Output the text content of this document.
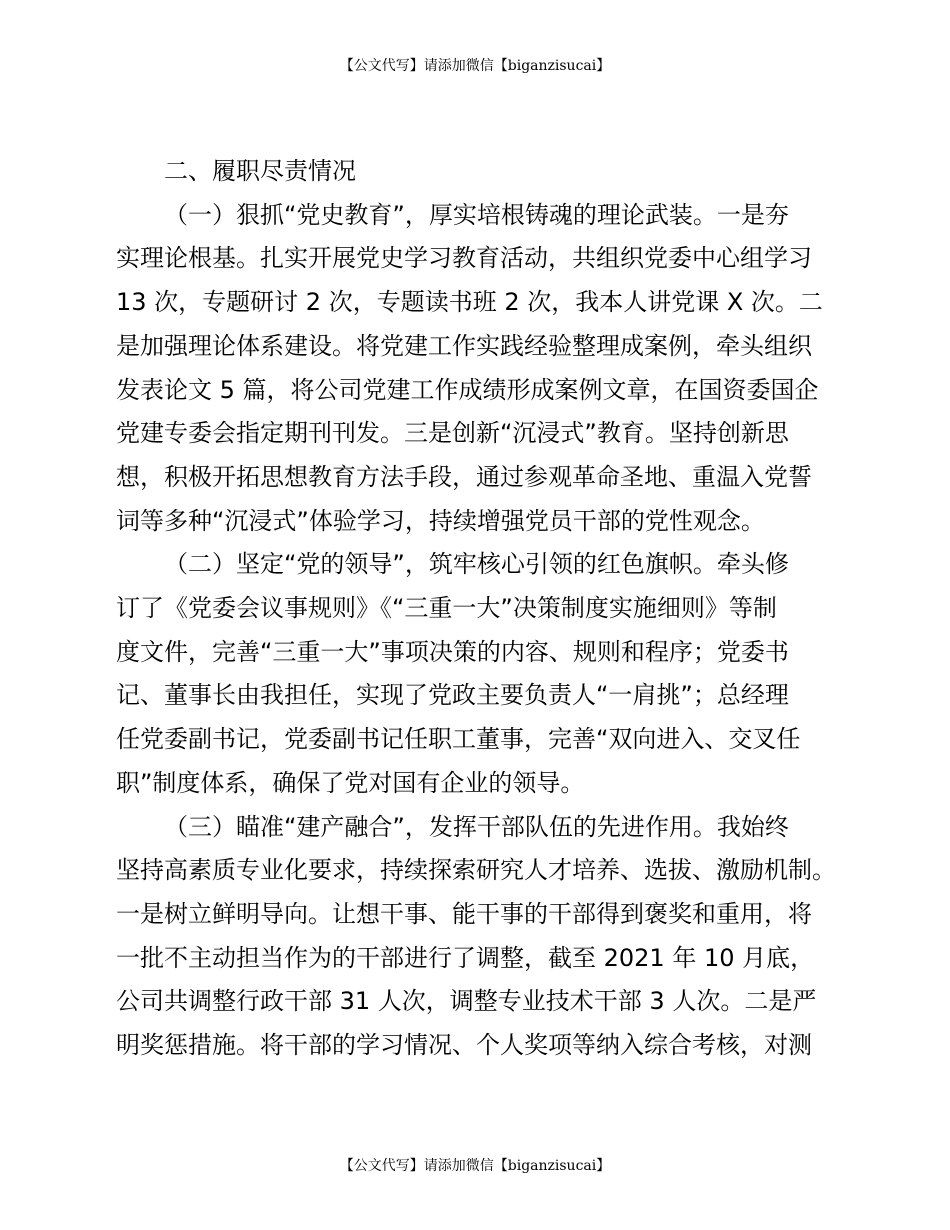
【公文代写】请添加微信【biganzisucai】

二、履职尽责情况

（一）狠抓“党史教育”，厚实培根铸魂的理论武装。一是夯

实理论根基。扎实开展党史学习教育活动，共组织党委中心组学习

13 次，专题研讨 2 次，专题读书班 2 次，我本人讲党课 X 次。二

是加强理论体系建设。将党建工作实践经验整理成案例，牵头组织

发表论文 5 篇，将公司党建工作成绩形成案例文章，在国资委国企

党建专委会指定期刊刊发。三是创新“沉浸式”教育。坚持创新思

想，积极开拓思想教育方法手段，通过参观革命圣地、重温入党誓

词等多种“沉浸式”体验学习，持续增强党员干部的党性观念。

（二）坚定“党的领导”，筑牢核心引领的红色旗帜。牵头修

订了《党委会议事规则》《“三重一大”决策制度实施细则》等制

度文件，完善“三重一大”事项决策的内容、规则和程序；党委书

记、董事长由我担任，实现了党政主要负责人“一肩挑”；总经理

任党委副书记，党委副书记任职工董事，完善“双向进入、交叉任

职”制度体系，确保了党对国有企业的领导。

（三）瞄准“建产融合”，发挥干部队伍的先进作用。我始终

坚持高素质专业化要求，持续探索研究人才培养、选拔、激励机制。

一是树立鲜明导向。让想干事、能干事的干部得到褒奖和重用，将

一批不主动担当作为的干部进行了调整，截至 2021 年 10 月底，

公司共调整行政干部 31 人次，调整专业技术干部 3 人次。二是严

明奖惩措施。将干部的学习情况、个人奖项等纳入综合考核，对测

【公文代写】请添加微信【biganzisucai】
